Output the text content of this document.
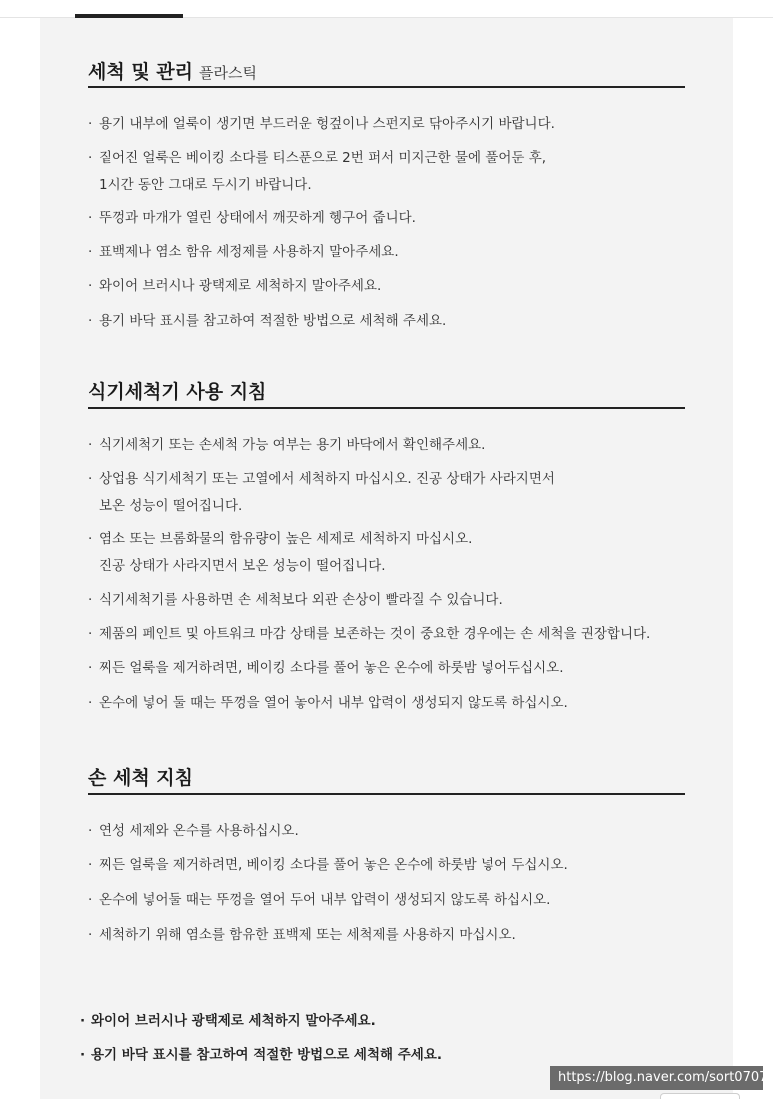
세척 및 관리 플라스틱
· 용기 내부에 얼룩이 생기면 부드러운 헝겊이나 스펀지로 닦아주시기 바랍니다.
· 짙어진 얼룩은 베이킹 소다를 티스푼으로 2번 퍼서 미지근한 물에 풀어둔 후,
1시간 동안 그대로 두시기 바랍니다.
· 뚜껑과 마개가 열린 상태에서 깨끗하게 헹구어 줍니다.
· 표백제나 염소 함유 세정제를 사용하지 말아주세요.
· 와이어 브러시나 광택제로 세척하지 말아주세요.
· 용기 바닥 표시를 참고하여 적절한 방법으로 세척해 주세요.
식기세척기 사용 지침
· 식기세척기 또는 손세척 가능 여부는 용기 바닥에서 확인해주세요.
· 상업용 식기세척기 또는 고열에서 세척하지 마십시오. 진공 상태가 사라지면서
보온 성능이 떨어집니다.
· 염소 또는 브롬화물의 함유량이 높은 세제로 세척하지 마십시오.
진공 상태가 사라지면서 보온 성능이 떨어집니다.
· 식기세척기를 사용하면 손 세척보다 외관 손상이 빨라질 수 있습니다.
· 제품의 페인트 및 아트워크 마감 상태를 보존하는 것이 중요한 경우에는 손 세척을 권장합니다.
· 찌든 얼룩을 제거하려면, 베이킹 소다를 풀어 놓은 온수에 하룻밤 넣어두십시오.
· 온수에 넣어 둘 때는 뚜껑을 열어 놓아서 내부 압력이 생성되지 않도록 하십시오.
손 세척 지침
· 연성 세제와 온수를 사용하십시오.
· 찌든 얼룩을 제거하려면, 베이킹 소다를 풀어 놓은 온수에 하룻밤 넣어 두십시오.
· 온수에 넣어둘 때는 뚜껑을 열어 두어 내부 압력이 생성되지 않도록 하십시오.
· 세척하기 위해 염소를 함유한 표백제 또는 세척제를 사용하지 마십시오.
· 와이어 브러시나 광택제로 세척하지 말아주세요.
· 용기 바닥 표시를 참고하여 적절한 방법으로 세척해 주세요.
https://blog.naver.com/sort0707
